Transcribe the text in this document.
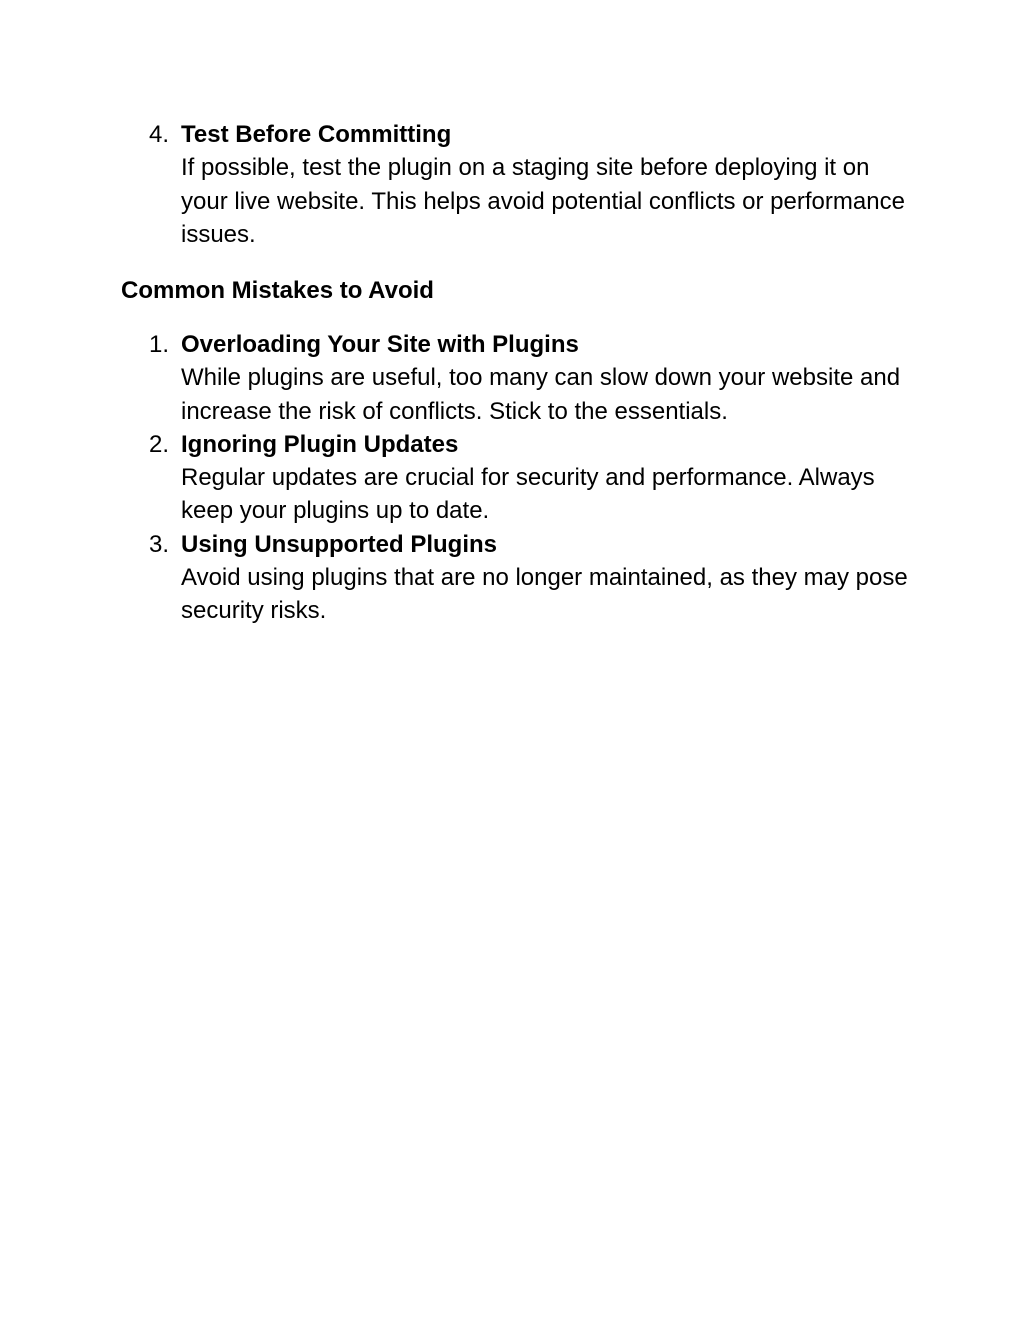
4. Test Before Committing
If possible, test the plugin on a staging site before deploying it on your live website. This helps avoid potential conflicts or performance issues.
Common Mistakes to Avoid
1. Overloading Your Site with Plugins
While plugins are useful, too many can slow down your website and increase the risk of conflicts. Stick to the essentials.
2. Ignoring Plugin Updates
Regular updates are crucial for security and performance. Always keep your plugins up to date.
3. Using Unsupported Plugins
Avoid using plugins that are no longer maintained, as they may pose security risks.
